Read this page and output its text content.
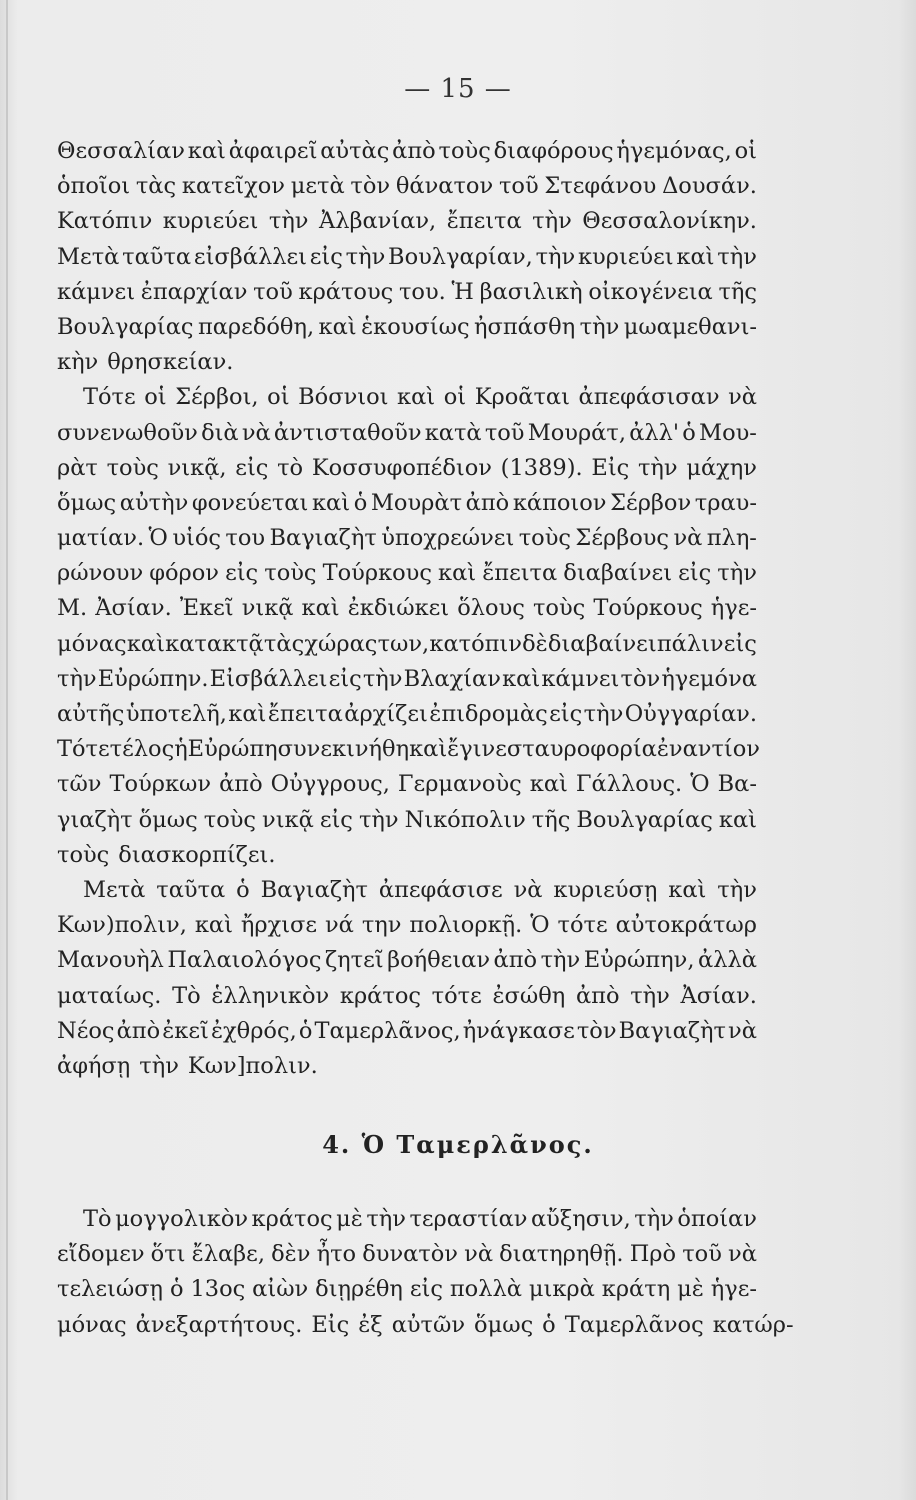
— 15 —
Θεσσαλίαν καὶ ἀφαιρεῖ αὐτὰς ἀπὸ τοὺς διαφόρους ἡγεμόνας, οἱ
ὁποῖοι τὰς κατεῖχον μετὰ τὸν θάνατον τοῦ Στεφάνου Δουσάν.
Κατόπιν κυριεύει τὴν Ἀλβανίαν, ἔπειτα τὴν Θεσσαλονίκην.
Μετὰ ταῦτα εἰσβάλλει εἰς τὴν Βουλγαρίαν, τὴν κυριεύει καὶ τὴν
κάμνει ἐπαρχίαν τοῦ κράτους του. Ἡ βασιλικὴ οἰκογένεια τῆς
Βουλγαρίας παρεδόθη, καὶ ἑκουσίως ἠσπάσθη τὴν μωαμεθανι-
κὴν θρησκείαν.
Τότε οἱ Σέρβοι, οἱ Βόσνιοι καὶ οἱ Κροᾶται ἀπεφάσισαν νὰ
συνενωθοῦν διὰ νὰ ἀντισταθοῦν κατὰ τοῦ Μουράτ, ἀλλ' ὁ Μου-
ρὰτ τοὺς νικᾷ, εἰς τὸ Κοσσυφοπέδιον (1389). Εἰς τὴν μάχην
ὅμως αὐτὴν φονεύεται καὶ ὁ Μουρὰτ ἀπὸ κάποιον Σέρβον τραυ-
ματίαν. Ὁ υἱός του Βαγιαζὴτ ὑποχρεώνει τοὺς Σέρβους νὰ πλη-
ρώνουν φόρον εἰς τοὺς Τούρκους καὶ ἔπειτα διαβαίνει εἰς τὴν
Μ. Ἀσίαν. Ἐκεῖ νικᾷ καὶ ἐκδιώκει ὅλους τοὺς Τούρκους ἡγε-
μόνας καὶ κατακτᾷ τὰς χώρας των, κατόπιν δὲ διαβαίνει πάλιν εἰς
τὴν Εὐρώπην. Εἰσβάλλει εἰς τὴν Βλαχίαν καὶ κάμνει τὸν ἡγεμόνα
αὐτῆς ὑποτελῆ, καὶ ἔπειτα ἀρχίζει ἐπιδρομὰς εἰς τὴν Οὐγγαρίαν.
Τότε τέλος ἡ Εὐρώπη συνεκινήθη καὶ ἔγινε σταυροφορία ἐναντίον
τῶν Τούρκων ἀπὸ Οὐγγρους, Γερμανοὺς καὶ Γάλλους. Ὁ Βα-
γιαζὴτ ὅμως τοὺς νικᾷ εἰς τὴν Νικόπολιν τῆς Βουλγαρίας καὶ
τοὺς διασκορπίζει.
Μετὰ ταῦτα ὁ Βαγιαζὴτ ἀπεφάσισε νὰ κυριεύσῃ καὶ τὴν
Κων)πολιν, καὶ ἤρχισε νά την πολιορκῇ. Ὁ τότε αὐτοκράτωρ
Μανουὴλ Παλαιολόγος ζητεῖ βοήθειαν ἀπὸ τὴν Εὐρώπην, ἀλλὰ
ματαίως. Τὸ ἑλληνικὸν κράτος τότε ἐσώθη ἀπὸ τὴν Ἀσίαν.
Νέος ἀπὸ ἐκεῖ ἐχθρός, ὁ Ταμερλᾶνος, ἠνάγκασε τὸν Βαγιαζὴτ νὰ
ἀφήσῃ τὴν Κων]πολιν.
4. Ὁ Ταμερλᾶνος.
Τὸ μογγολικὸν κράτος μὲ τὴν τεραστίαν αὔξησιν, τὴν ὁποίαν
εἴδομεν ὅτι ἔλαβε, δὲν ἦτο δυνατὸν νὰ διατηρηθῇ. Πρὸ τοῦ νὰ
τελειώσῃ ὁ 13ος αἰὼν διῃρέθη εἰς πολλὰ μικρὰ κράτη μὲ ἡγε-
μόνας ἀνεξαρτήτους. Εἰς ἐξ αὐτῶν ὅμως ὁ Ταμερλᾶνος κατώρ-
